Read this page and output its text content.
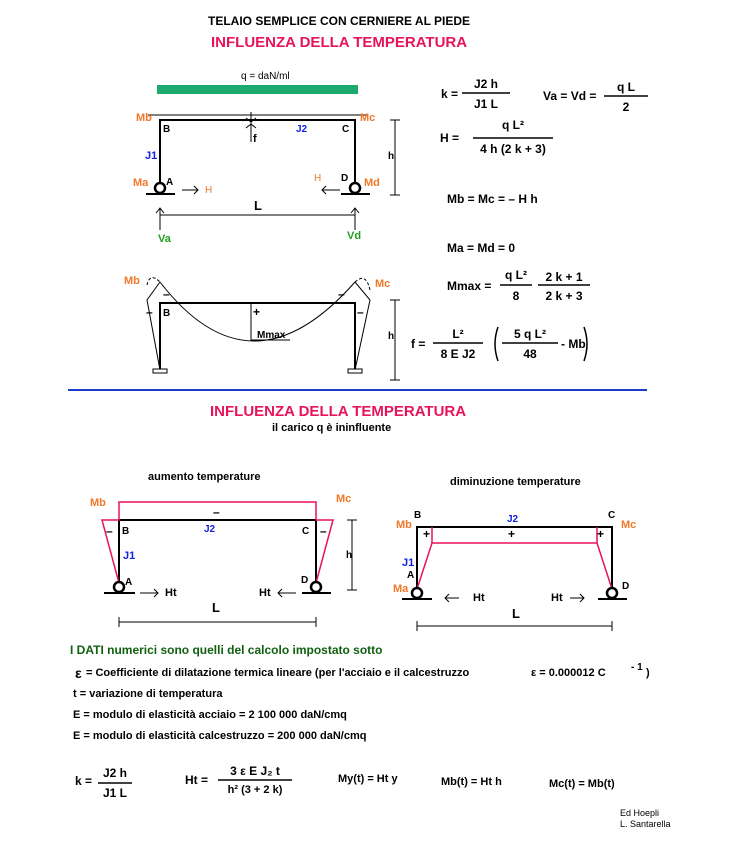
TELAIO SEMPLICE CON CERNIERE AL PIEDE
INFLUENZA DELLA TEMPERATURA
q = daN/ml
Mb	Mc
B	C
J2
J1
f
h
Ma A	D Md
H
H
L
Va	Vd
Mb	Mc
B
h
Mmax
–	–
–	–
+
k =
J2 h
J1 L
Va = Vd =
q L
2
H =
q L²
4 h (2 k + 3)
Mb = Mc = – H h
Ma = Md = 0
Mmax =
q L²
8
2 k + 1
2 k + 3
f =
L²
8 E J2
5 q L²
48
- Mb
INFLUENZA DELLA TEMPERATURA
il carico q è ininfluente
aumento temperature	diminuzione temperature
Mb	Mc
–
B	C
J2
–	–
J1	h
A	D
Ht	Ht
L
B	C
J2
Mb	Mc
+	+	+
J1
Ma
A
D
Ht	Ht
L
I DATI numerici sono quelli del calcolo impostato sotto
ε = Coefficiente di dilatazione termica lineare (per l'acciaio e il calcestruzzo	ε = 0.000012 C	- 1 )
t = variazione di temperatura
E = modulo di elasticità acciaio = 2 100 000 daN/cmq
E = modulo di elasticità calcestruzzo = 200 000 daN/cmq
k =
J2 h
J1 L
Ht =
3 ε E J₂ t
h² (3 + 2 k)
My(t) = Ht y	Mb(t) = Ht h	Mc(t) = Mb(t)
Ed Hoepli
L. Santarella
